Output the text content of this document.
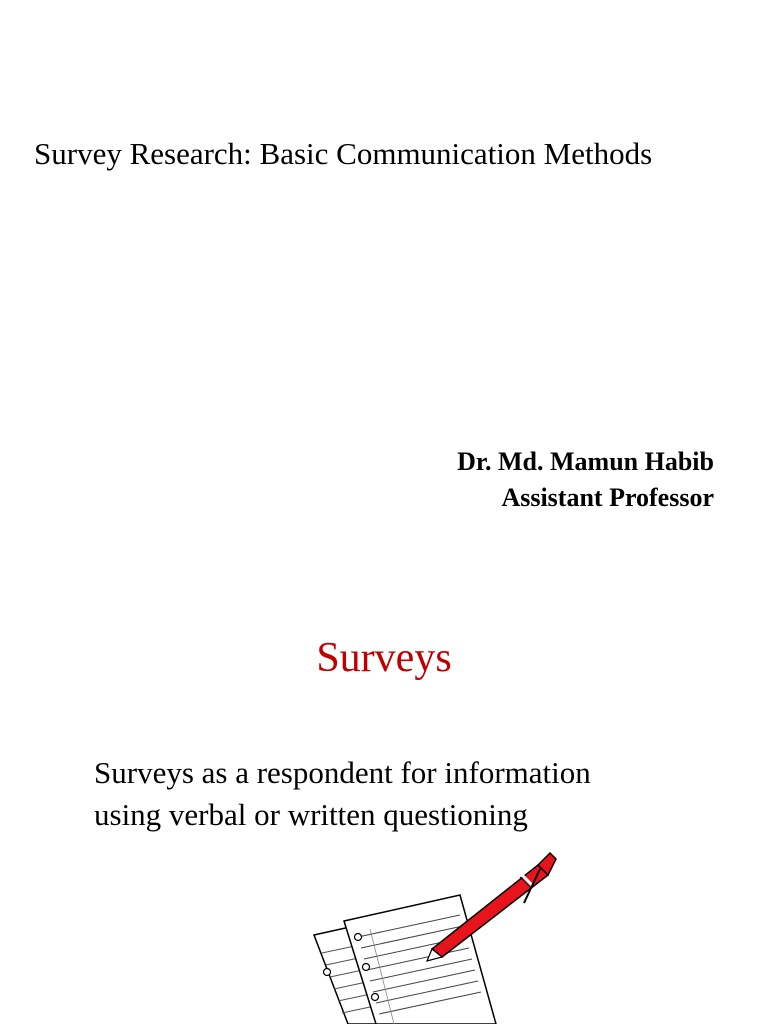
Survey Research: Basic Communication Methods
Dr. Md. Mamun Habib
Assistant Professor
Surveys
Surveys as a respondent for information
using verbal or written questioning
